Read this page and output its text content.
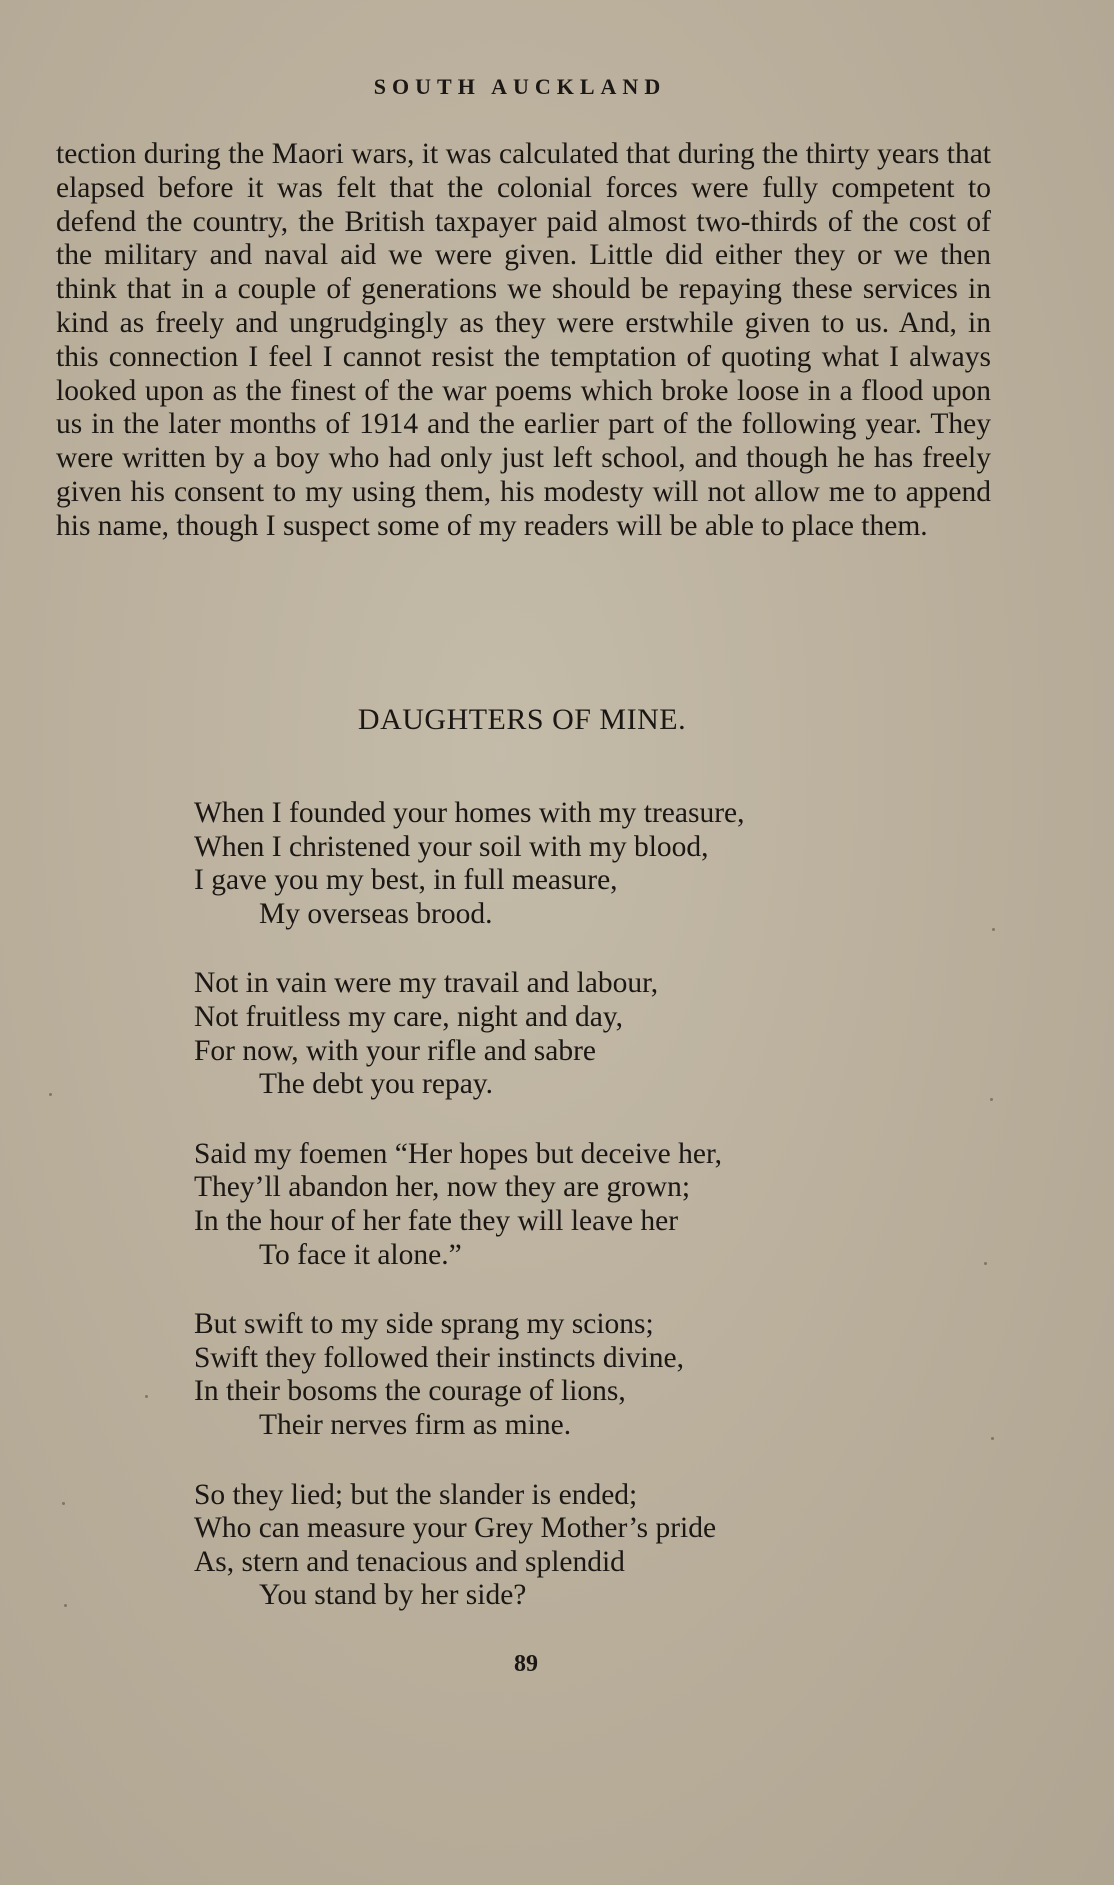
SOUTH AUCKLAND

tection during the Maori wars, it was calculated that during the thirty years that elapsed before it was felt that the colonial forces were fully competent to defend the country, the British taxpayer paid almost two-thirds of the cost of the military and naval aid we were given. Little did either they or we then think that in a couple of generations we should be repaying these services in kind as freely and ungrudgingly as they were erstwhile given to us. And, in this connection I feel I cannot resist the temptation of quoting what I always looked upon as the finest of the war poems which broke loose in a flood upon us in the later months of 1914 and the earlier part of the following year. They were written by a boy who had only just left school, and though he has freely given his consent to my using them, his modesty will not allow me to append his name, though I suspect some of my readers will be able to place them.

DAUGHTERS OF MINE.
When I founded your homes with my treasure,
When I christened your soil with my blood,
I gave you my best, in full measure,
My overseas brood.
Not in vain were my travail and labour,
Not fruitless my care, night and day,
For now, with your rifle and sabre
The debt you repay.
Said my foemen “Her hopes but deceive her,
They’ll abandon her, now they are grown;
In the hour of her fate they will leave her
To face it alone.”
But swift to my side sprang my scions;
Swift they followed their instincts divine,
In their bosoms the courage of lions,
Their nerves firm as mine.
So they lied; but the slander is ended;
Who can measure your Grey Mother’s pride
As, stern and tenacious and splendid
You stand by her side?
89
